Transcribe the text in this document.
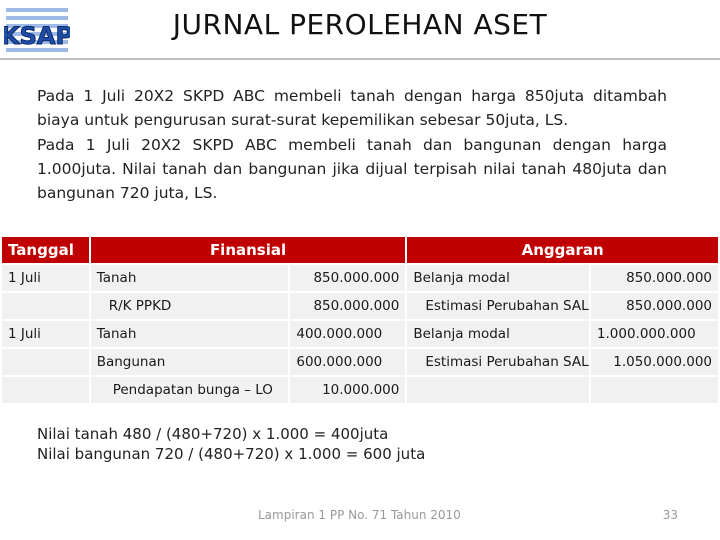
KSAP	JURNAL PEROLEHAN ASET
Pada 1 Juli 20X2 SKPD ABC membeli tanah dengan harga 850juta ditambah biaya untuk pengurusan surat-surat kepemilikan sebesar 50juta, LS.
Pada 1 Juli 20X2 SKPD ABC membeli tanah dan bangunan dengan harga 1.000juta. Nilai tanah dan bangunan jika dijual terpisah nilai tanah 480juta dan bangunan 720 juta, LS.
Tanggal	Finansial		Anggaran	
1 Juli	Tanah	850.000.000	Belanja modal	850.000.000
	R/K PPKD	850.000.000	Estimasi Perubahan SAL	850.000.000
1 Juli	Tanah	400.000.000	Belanja modal	1.000.000.000
	Bangunan	600.000.000	Estimasi Perubahan SAL	1.050.000.000
	Pendapatan bunga – LO	10.000.000		
Nilai tanah 480 / (480+720) x 1.000 = 400juta
Nilai bangunan 720 / (480+720) x 1.000 = 600 juta
Lampiran 1 PP No. 71 Tahun 2010	33
